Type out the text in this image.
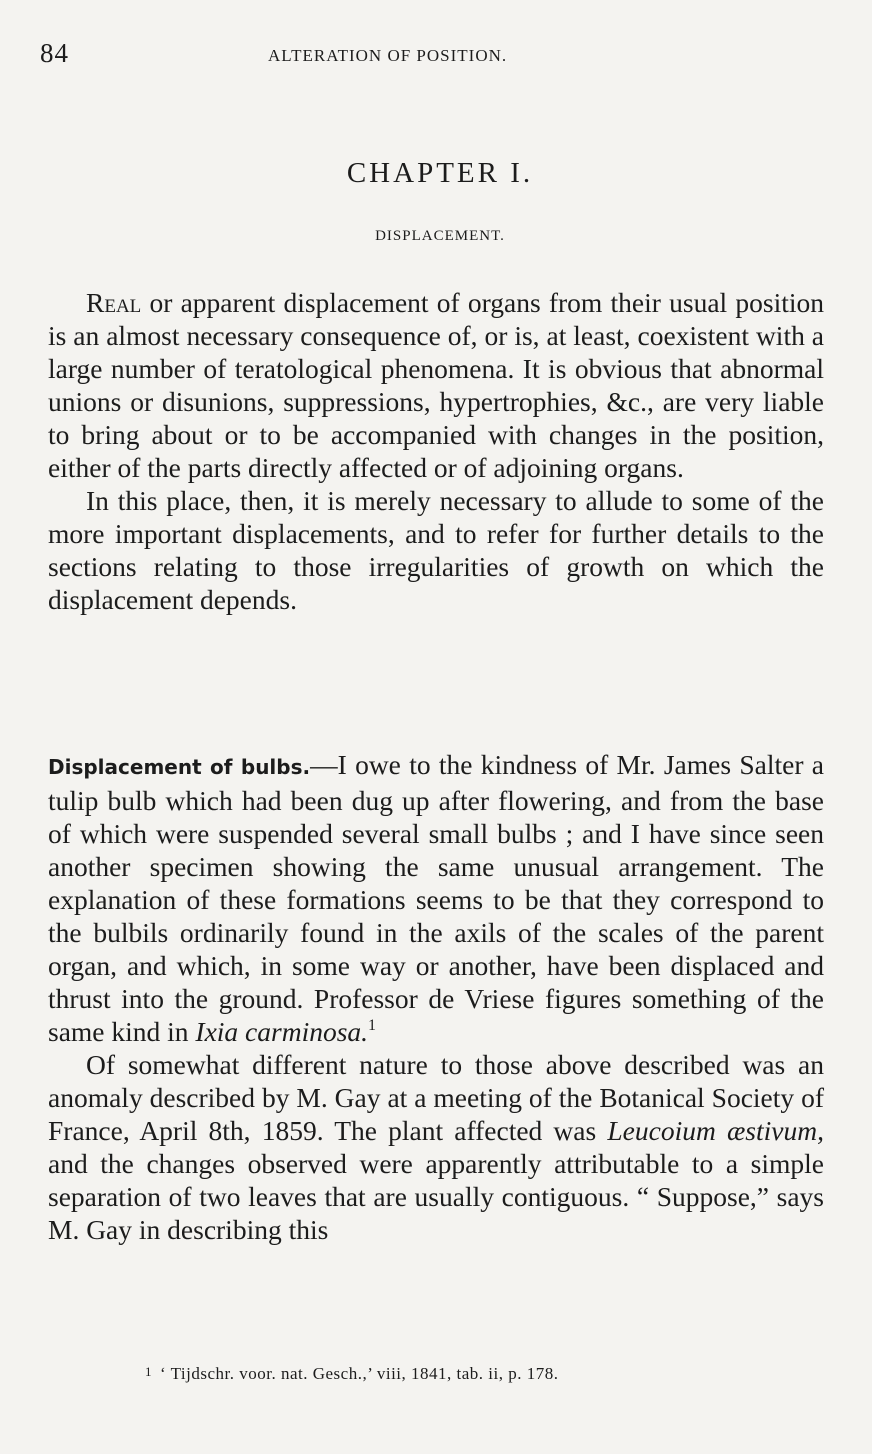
84	ALTERATION OF POSITION.
CHAPTER I.
DISPLACEMENT.

Real or apparent displacement of organs from their usual position is an almost necessary consequence of, or is, at least, coexistent with a large number of teratological phenomena. It is obvious that abnormal unions or disunions, suppressions, hypertrophies, &c., are very liable to bring about or to be accompanied with changes in the position, either of the parts directly affected or of adjoining organs.

In this place, then, it is merely necessary to allude to some of the more important displacements, and to refer for further details to the sections relating to those irregularities of growth on which the displacement depends.

Displacement of bulbs.—I owe to the kindness of Mr. James Salter a tulip bulb which had been dug up after flowering, and from the base of which were suspended several small bulbs ; and I have since seen another specimen showing the same unusual arrangement. The explanation of these formations seems to be that they correspond to the bulbils ordinarily found in the axils of the scales of the parent organ, and which, in some way or another, have been displaced and thrust into the ground. Professor de Vriese figures something of the same kind in Ixia carminosa.$^1$

Of somewhat different nature to those above described was an anomaly described by M. Gay at a meeting of the Botanical Society of France, April 8th, 1859. The plant affected was Leucoium æstivum, and the changes observed were apparently attributable to a simple separation of two leaves that are usually contiguous. “ Suppose,” says M. Gay in describing this

$^1$ ‘ Tijdschr. voor. nat. Gesch.,’ viii, 1841, tab. ii, p. 178.
